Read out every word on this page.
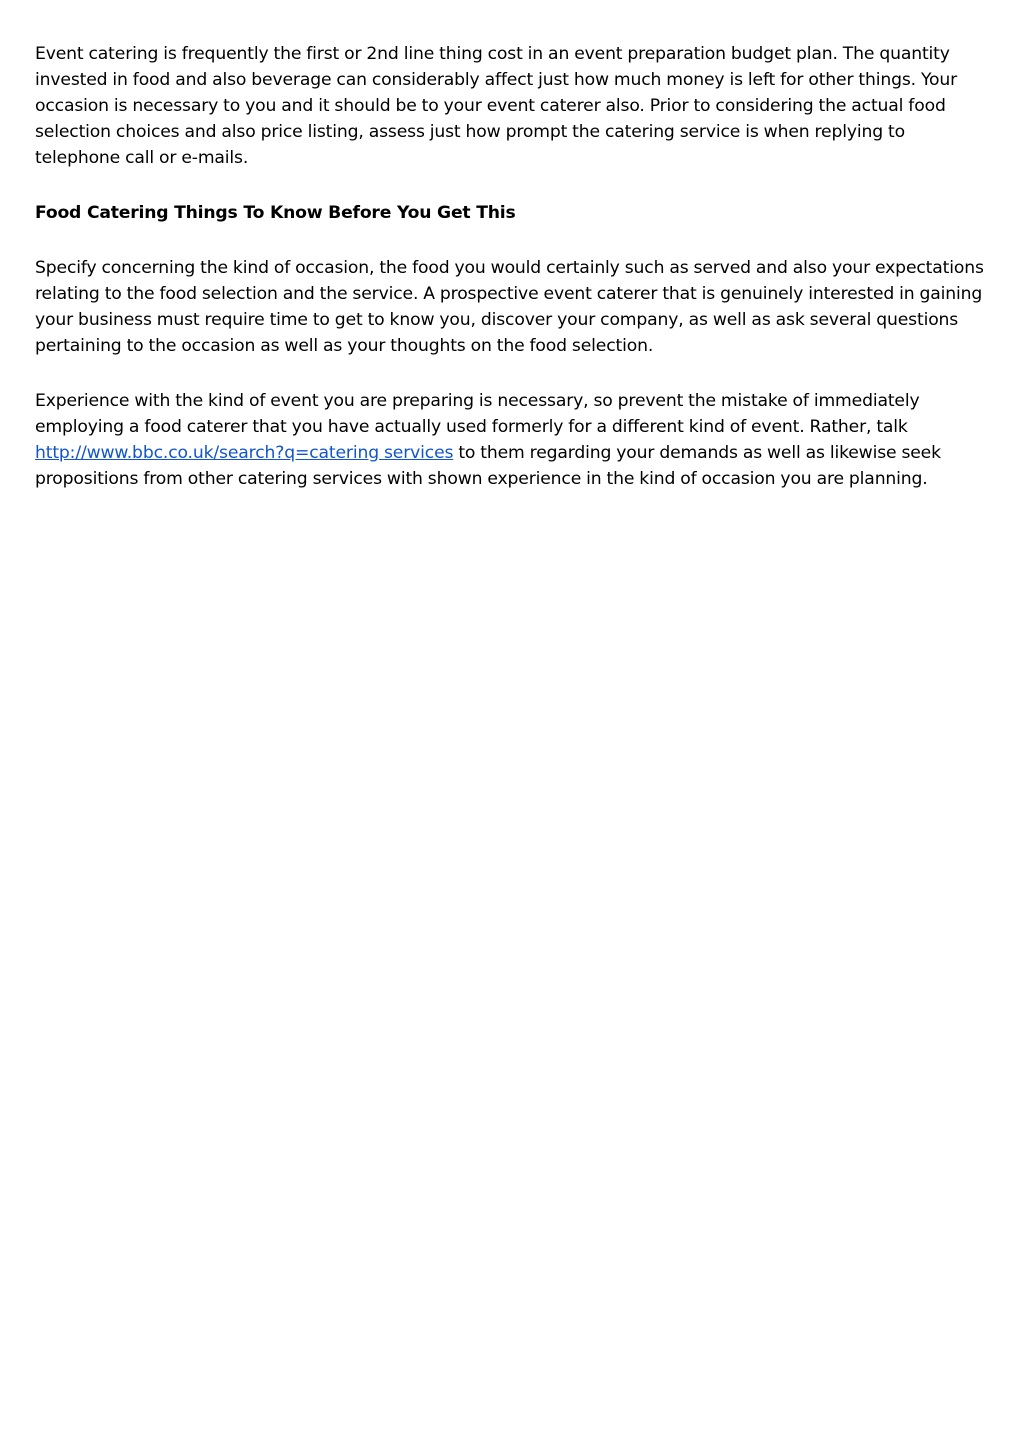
Event catering is frequently the first or 2nd line thing cost in an event preparation budget plan. The quantity invested in food and also beverage can considerably affect just how much money is left for other things. Your occasion is necessary to you and it should be to your event caterer also. Prior to considering the actual food selection choices and also price listing, assess just how prompt the catering service is when replying to telephone call or e-mails.

Food Catering Things To Know Before You Get This

Specify concerning the kind of occasion, the food you would certainly such as served and also your expectations relating to the food selection and the service. A prospective event caterer that is genuinely interested in gaining your business must require time to get to know you, discover your company, as well as ask several questions pertaining to the occasion as well as your thoughts on the food selection.

Experience with the kind of event you are preparing is necessary, so prevent the mistake of immediately employing a food caterer that you have actually used formerly for a different kind of event. Rather, talk http://www.bbc.co.uk/search?q=catering services to them regarding your demands as well as likewise seek propositions from other catering services with shown experience in the kind of occasion you are planning.
